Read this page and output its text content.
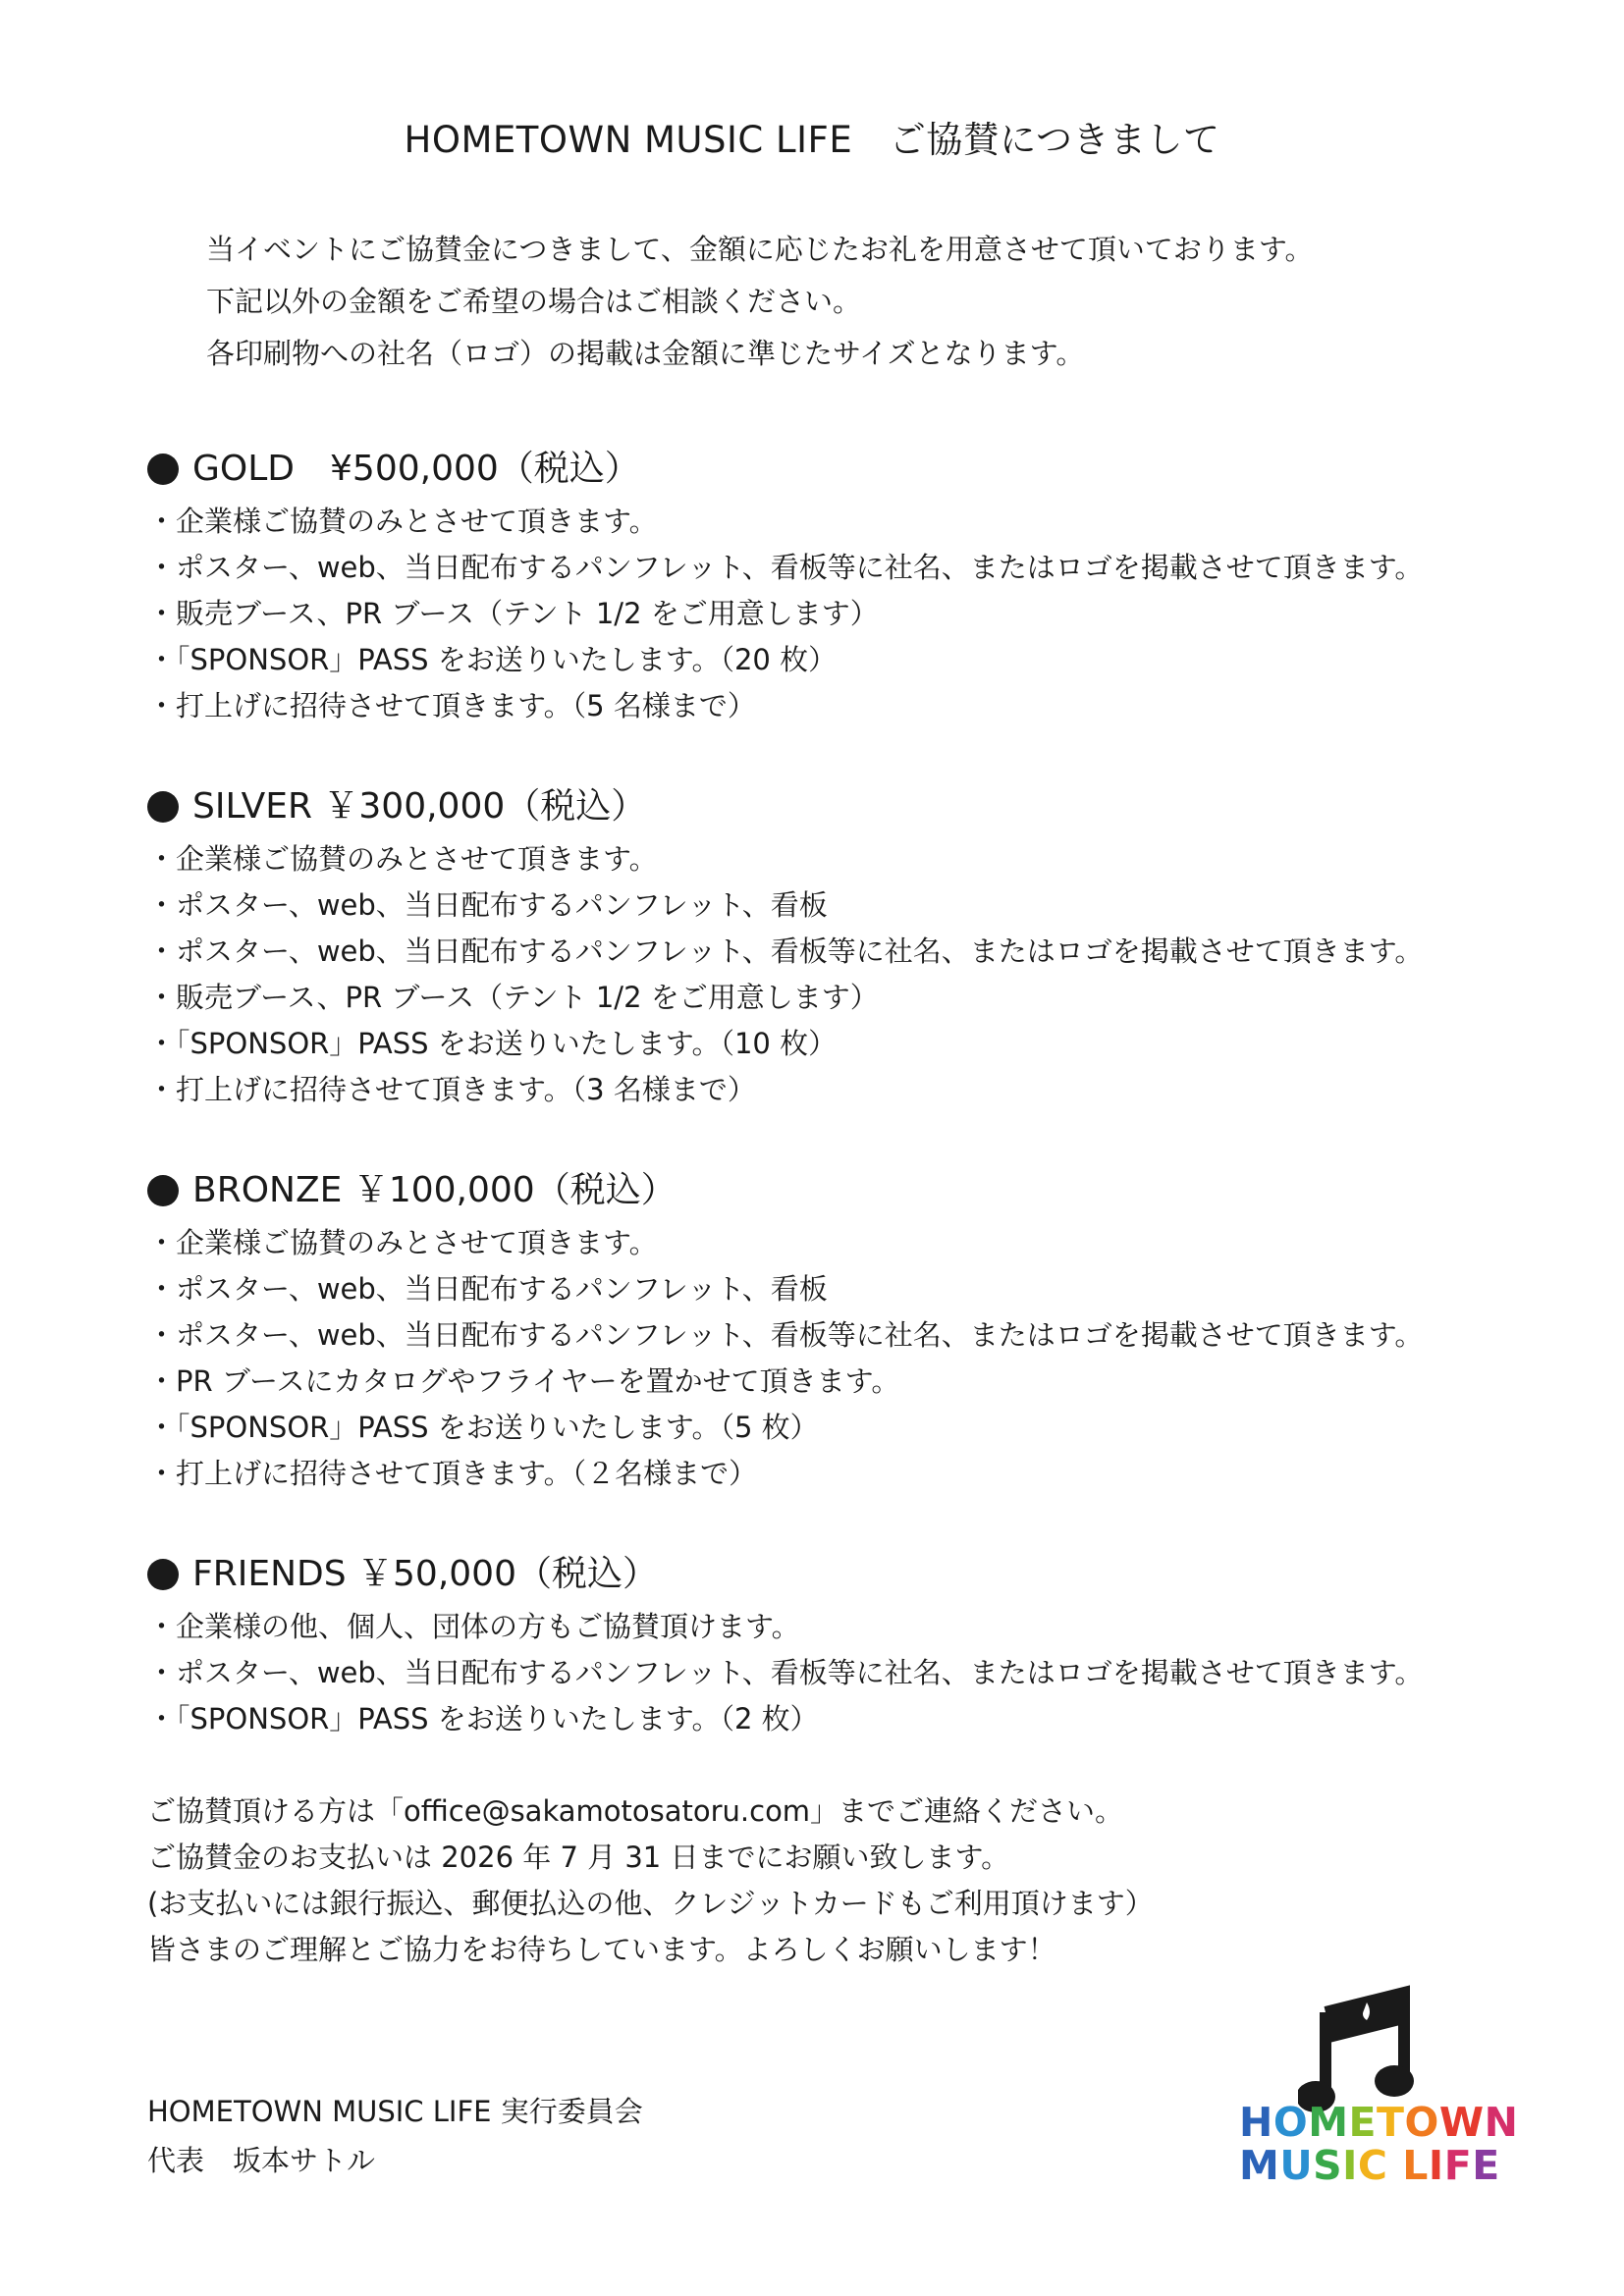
HOMETOWN MUSIC LIFE　ご協賛につきまして
当イベントにご協賛金につきまして、金額に応じたお礼を用意させて頂いております。
下記以外の金額をご希望の場合はご相談ください。
各印刷物への社名（ロゴ）の掲載は金額に準じたサイズとなります。
GOLD　¥500,000（税込）
・企業様ご協賛のみとさせて頂きます。
・ポスター、web、当日配布するパンフレット、看板等に社名、またはロゴを掲載させて頂きます。
・販売ブース、PR ブース（テント 1/2 をご用意します）
・「SPONSOR」PASS をお送りいたします。（20 枚）
・打上げに招待させて頂きます。（5 名様まで）
SILVER ￥300,000（税込）
・企業様ご協賛のみとさせて頂きます。
・ポスター、web、当日配布するパンフレット、看板
・ポスター、web、当日配布するパンフレット、看板等に社名、またはロゴを掲載させて頂きます。
・販売ブース、PR ブース（テント 1/2 をご用意します）
・「SPONSOR」PASS をお送りいたします。（10 枚）
・打上げに招待させて頂きます。（3 名様まで）
BRONZE ￥100,000（税込）
・企業様ご協賛のみとさせて頂きます。
・ポスター、web、当日配布するパンフレット、看板
・ポスター、web、当日配布するパンフレット、看板等に社名、またはロゴを掲載させて頂きます。
・PR ブースにカタログやフライヤーを置かせて頂きます。
・「SPONSOR」PASS をお送りいたします。（5 枚）
・打上げに招待させて頂きます。（２名様まで）
FRIENDS ￥50,000（税込）
・企業様の他、個人、団体の方もご協賛頂けます。
・ポスター、web、当日配布するパンフレット、看板等に社名、またはロゴを掲載させて頂きます。
・「SPONSOR」PASS をお送りいたします。（2 枚）
ご協賛頂ける方は「office@sakamotosatoru.com」までご連絡ください。
ご協賛金のお支払いは 2026 年 7 月 31 日までにお願い致します。
(お支払いには銀行振込、郵便払込の他、クレジットカードもご利用頂けます）
皆さまのご理解とご協力をお待ちしています。よろしくお願いします！
HOMETOWN MUSIC LIFE 実行委員会
代表　坂本サトル
HOMETOWN
MUSIC LIFE
